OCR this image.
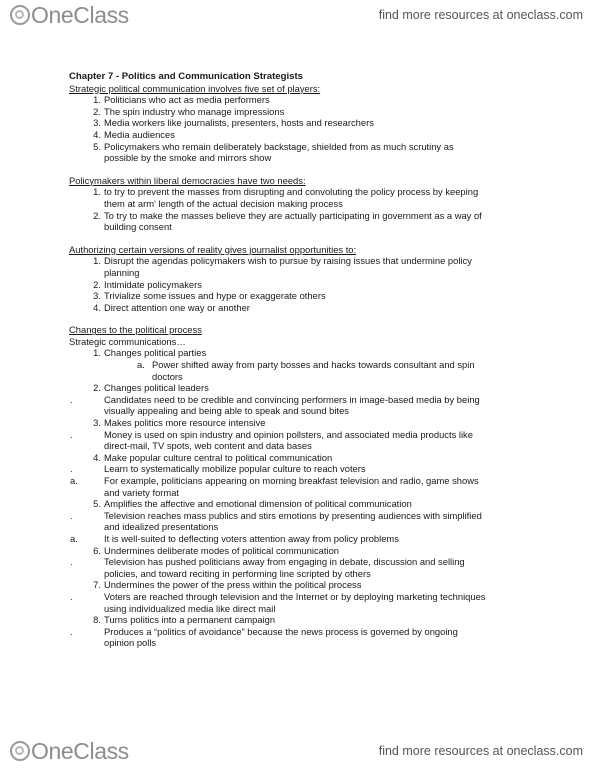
OneClass	find more resources at oneclass.com

Chapter 7 - Politics and Communication Strategists

Strategic political communication involves five set of players:

1. Politicians who act as media performers
2. The spin industry who manage impressions
3. Media workers like journalists, presenters, hosts and researchers
4. Media audiences
5. Policymakers who remain deliberately backstage, shielded from as much scrutiny as possible by the smoke and mirrors show

Policymakers within liberal democracies have two needs:

1. to try to prevent the masses from disrupting and convoluting the policy process by keeping them at arm' length of the actual decision making process
2. To try to make the masses believe they are actually participating in government as a way of building consent

Authorizing certain versions of reality gives journalist opportunities to:

1. Disrupt the agendas policymakers wish to pursue by raising issues that undermine policy planning
2. Intimidate policymakers
3. Trivialize some issues and hype or exaggerate others
4. Direct attention one way or another

Changes to the political process

Strategic communications…

1. Changes political parties
a. Power shifted away from party bosses and hacks towards consultant and spin doctors
2. Changes political leaders
.	Candidates need to be credible and convincing performers in image-based media by being visually appealing and being able to speak and sound bites
3. Makes politics more resource intensive
.	Money is used on spin industry and opinion pollsters, and associated media products like direct-mail, TV spots, web content and data bases
4. Make popular culture central to political communication
.	Learn to systematically mobilize popular culture to reach voters
a.	For example, politicians appearing on morning breakfast television and radio, game shows and variety format
5. Amplifies the affective and emotional dimension of political communication
.	Television reaches mass publics and stirs emotions by presenting audiences with simplified and idealized presentations
a.	It is well-suited to deflecting voters attention away from policy problems
6. Undermines deliberate modes of political communication
.	Television has pushed politicians away from engaging in debate, discussion and selling policies, and toward reciting in performing line scripted by others
7. Undermines the power of the press within the political process
.	Voters are reached through television and the Internet or by deploying marketing techniques using individualized media like direct mail
8. Turns politics into a permanent campaign
.	Produces a “politics of avoidance” because the news process is governed by ongoing opinion polls
OneClass	find more resources at oneclass.com
